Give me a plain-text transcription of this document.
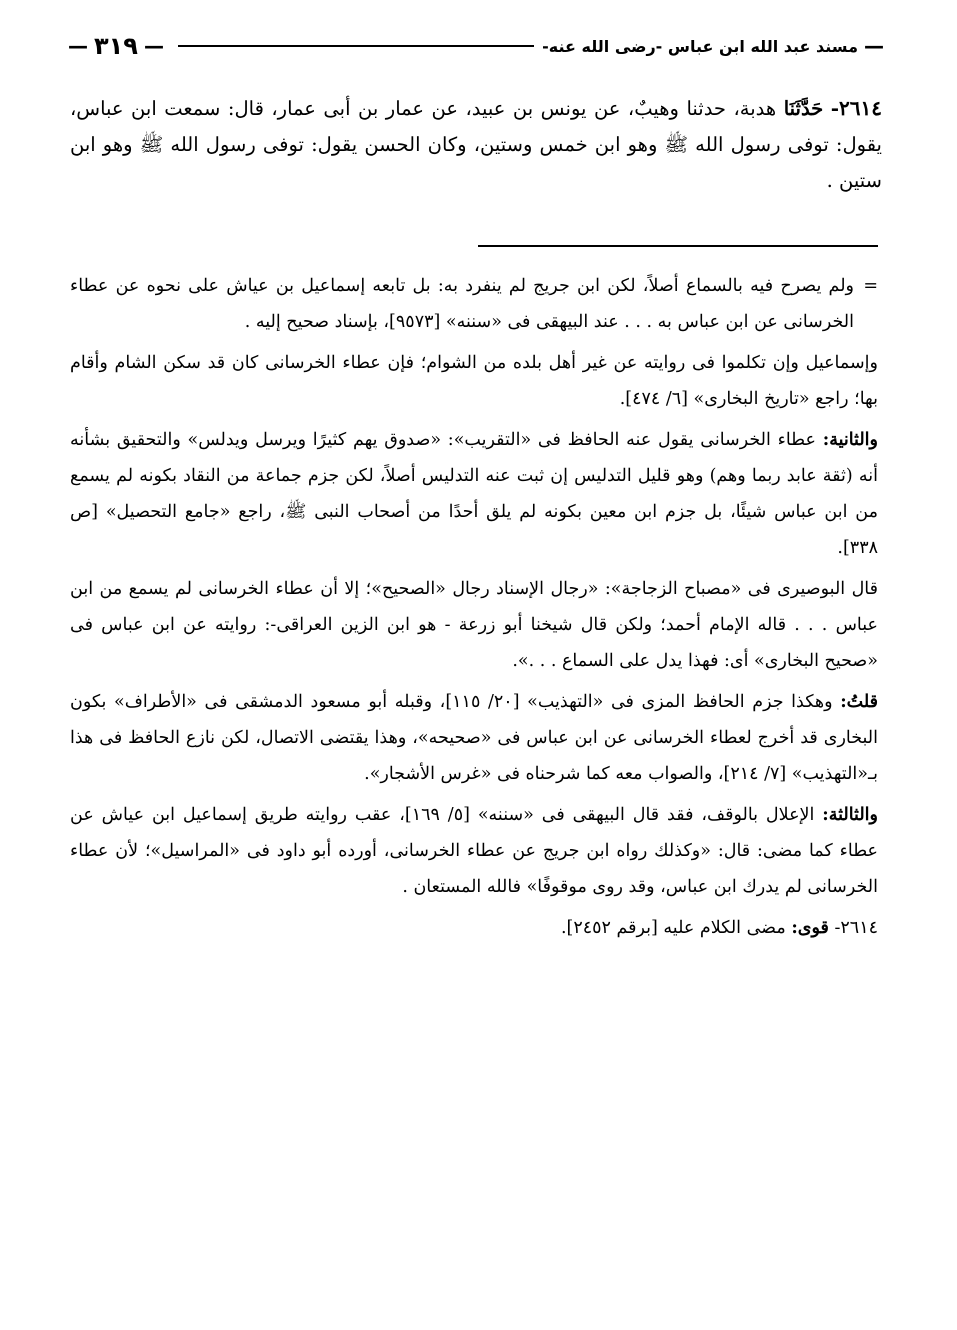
—
مسند عبد الله ابن عباس -رضى الله عنه-
—
٣١٩
—
٢٦١٤- حَدَّثَنَا هدبة، حدثنا وهيبٌ، عن يونس بن عبيد، عن عمار بن أبى عمار، قال: سمعت ابن عباس، يقول: توفى رسول الله ﷺ وهو ابن خمس وستين، وكان الحسن يقول: توفى رسول الله ﷺ وهو ابن ستين .

=
ولم يصرح فيه بالسماع أصلاً، لكن ابن جريج لم ينفرد به: بل تابعه إسماعيل بن عياش على نحوه عن عطاء الخرسانى عن ابن عباس به . . . عند البيهقى فى «سننه» [٩٥٧٣]، بإسناد صحيح إليه .

وإسماعيل وإن تكلموا فى روايته عن غير أهل بلده من الشوام؛ فإن عطاء الخرسانى كان قد سكن الشام وأقام بها؛ راجع «تاريخ البخارى» [٦/ ٤٧٤].

والثانية: عطاء الخرسانى يقول عنه الحافظ فى «التقريب»: «صدوق يهم كثيرًا ويرسل ويدلس» والتحقيق بشأنه أنه (ثقة عابد ربما وهم) وهو قليل التدليس إن ثبت عنه التدليس أصلاً، لكن جزم جماعة من النقاد بكونه لم يسمع من ابن عباس شيئًا، بل جزم ابن معين بكونه لم يلق أحدًا من أصحاب النبى ﷺ، راجع «جامع التحصيل» [ص ٣٣٨].

قال البوصيرى فى «مصباح الزجاجة»: «رجال الإسناد رجال «الصحيح»؛ إلا أن عطاء الخرسانى لم يسمع من ابن عباس . . . قاله الإمام أحمد؛ ولكن قال شيخنا أبو زرعة - هو ابن الزين العراقى-: روايته عن ابن عباس فى «صحيح البخارى» أى: فهذا يدل على السماع . . .».

قلتُ: وهكذا جزم الحافظ المزى فى «التهذيب» [٢٠/ ١١٥]، وقبله أبو مسعود الدمشقى فى «الأطراف» بكون البخارى قد أخرج لعطاء الخرسانى عن ابن عباس فى «صحيحه»، وهذا يقتضى الاتصال، لكن نازع الحافظ فى هذا بـ«التهذيب» [٧/ ٢١٤]، والصواب معه كما شرحناه فى «غرس الأشجار».

والثالثة: الإعلال بالوقف، فقد قال البيهقى فى «سننه» [٥/ ١٦٩]، عقب روايته طريق إسماعيل ابن عياش عن عطاء كما مضى: قال: «وكذلك رواه ابن جريج عن عطاء الخرسانى، أورده أبو داود فى «المراسيل»؛ لأن عطاء الخرسانى لم يدرك ابن عباس، وقد روى موقوفًا» فالله المستعان .

٢٦١٤- قوى: مضى الكلام عليه [برقم ٢٤٥٢].
